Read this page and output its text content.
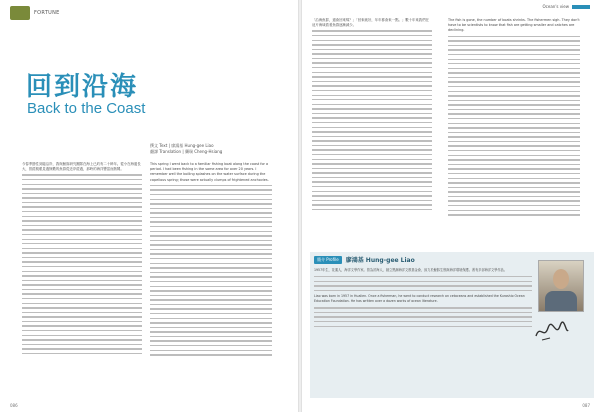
FORTUNE
回到沿海
Back to the Coast
撰文 Text | 廖鴻基 Hung-gee Liao
翻譯 Translation | 龔瑞 Cheng-Hsiang

今春季節性到臨沿岸，我與鯨豚研究團隊在海上已約有二十餘年。從小在海邊長大，曾經親眼見過無數的魚群從近岸經過，那時的海洋豐富而熱鬧。

This spring I went back to a familiar fishing boat along the coast for a period. I had been fishing in the same area for over 20 years. I remember well the boiling splashes on the water surface during the capelious spring; those were actually clumps of frightened anchovies.

086
Ocean's view

「沿海魚群，還會回來嗎？」「回來就好，年年都會來一點。」數十年來我們在這片海域看著魚群逐漸減少。

The fish is gone, the number of boats shrinks. The fishermen sigh. They don't have to be scientists to know that fish are getting smaller and catches are declining.

簡介 Profile	廖鴻基 Hung-gee Liao

1957年生，花蓮人，海洋文學作家。曾為討海人，創立黑潮海洋文教基金會，致力於鯨豚生態與海洋環境保護。著有多部海洋文學作品。

Liao was born in 1957 in Hualien. Once a fisherman, he went to conduct research on cetaceans and established the Kuroshio Ocean Education Foundation. He has written over a dozen works of ocean literature.

087
